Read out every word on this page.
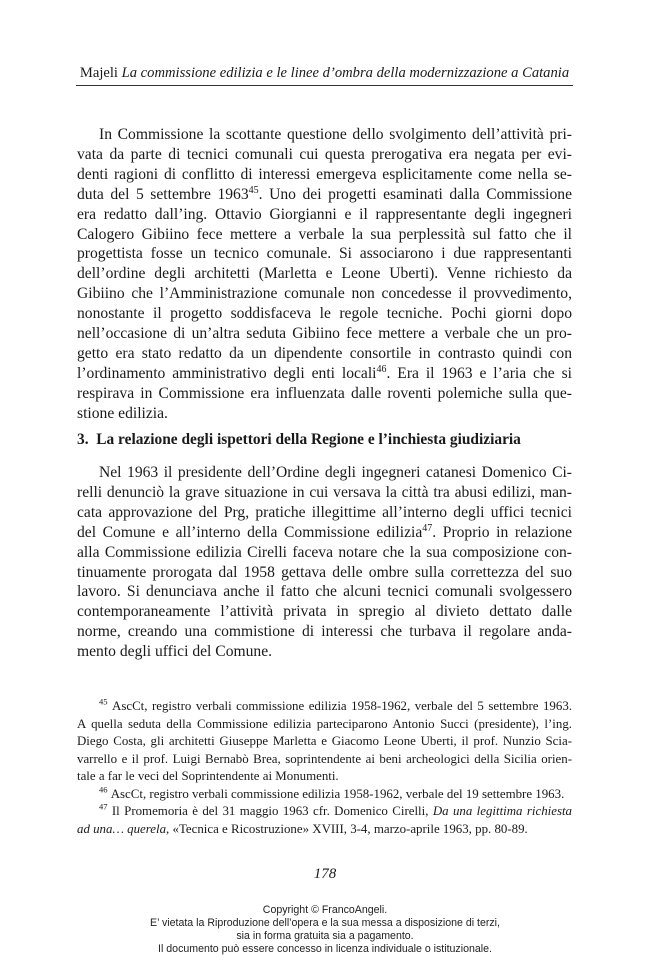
Majeli La commissione edilizia e le linee d’ombra della modernizzazione a Catania
In Commissione la scottante questione dello svolgimento dell’attività pri-
vata da parte di tecnici comunali cui questa prerogativa era negata per evi-
denti ragioni di conflitto di interessi emergeva esplicitamente come nella se-
duta del 5 settembre 1963$^{45}$. Uno dei progetti esaminati dalla Commissione
era redatto dall’ing. Ottavio Giorgianni e il rappresentante degli ingegneri
Calogero Gibiino fece mettere a verbale la sua perplessità sul fatto che il
progettista fosse un tecnico comunale. Si associarono i due rappresentanti
dell’ordine degli architetti (Marletta e Leone Uberti). Venne richiesto da
Gibiino che l’Amministrazione comunale non concedesse il provvedimento,
nonostante il progetto soddisfaceva le regole tecniche. Pochi giorni dopo
nell’occasione di un’altra seduta Gibiino fece mettere a verbale che un pro-
getto era stato redatto da un dipendente consortile in contrasto quindi con
l’ordinamento amministrativo degli enti locali$^{46}$. Era il 1963 e l’aria che si
respirava in Commissione era influenzata dalle roventi polemiche sulla que-
stione edilizia.
3. La relazione degli ispettori della Regione e l’inchiesta giudiziaria
Nel 1963 il presidente dell’Ordine degli ingegneri catanesi Domenico Ci-
relli denunciò la grave situazione in cui versava la città tra abusi edilizi, man-
cata approvazione del Prg, pratiche illegittime all’interno degli uffici tecnici
del Comune e all’interno della Commissione edilizia$^{47}$. Proprio in relazione
alla Commissione edilizia Cirelli faceva notare che la sua composizione con-
tinuamente prorogata dal 1958 gettava delle ombre sulla correttezza del suo
lavoro. Si denunciava anche il fatto che alcuni tecnici comunali svolgessero
contemporaneamente l’attività privata in spregio al divieto dettato dalle
norme, creando una commistione di interessi che turbava il regolare anda-
mento degli uffici del Comune.
$^{45}$ AscCt, registro verbali commissione edilizia 1958-1962, verbale del 5 settembre 1963.
A quella seduta della Commissione edilizia parteciparono Antonio Succi (presidente), l’ing.
Diego Costa, gli architetti Giuseppe Marletta e Giacomo Leone Uberti, il prof. Nunzio Scia-
varrello e il prof. Luigi Bernabò Brea, soprintendente ai beni archeologici della Sicilia orien-
tale a far le veci del Soprintendente ai Monumenti.
$^{46}$ AscCt, registro verbali commissione edilizia 1958-1962, verbale del 19 settembre 1963.
$^{47}$ Il Promemoria è del 31 maggio 1963 cfr. Domenico Cirelli, Da una legittima richiesta
ad una… querela, «Tecnica e Ricostruzione» XVIII, 3-4, marzo-aprile 1963, pp. 80-89.
178
Copyright © FrancoAngeli.
E’ vietata la Riproduzione dell’opera e la sua messa a disposizione di terzi,
sia in forma gratuita sia a pagamento.
Il documento può essere concesso in licenza individuale o istituzionale.
